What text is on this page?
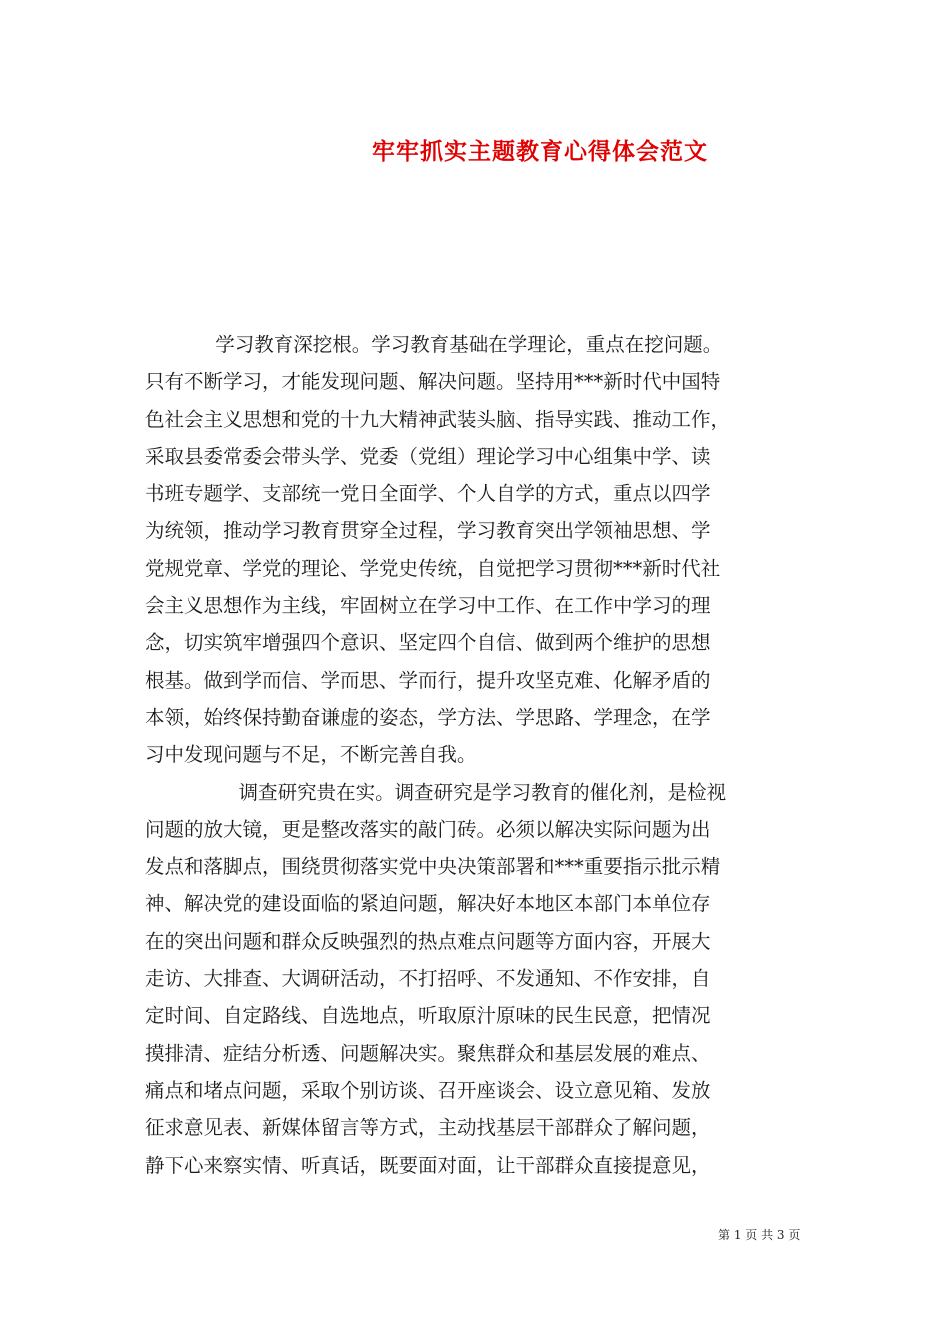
牢牢抓实主题教育心得体会范文
学习教育深挖根。学习教育基础在学理论，重点在挖问题。
只有不断学习，才能发现问题、解决问题。坚持用***新时代中国特
色社会主义思想和党的十九大精神武装头脑、指导实践、推动工作，
采取县委常委会带头学、党委（党组）理论学习中心组集中学、读
书班专题学、支部统一党日全面学、个人自学的方式，重点以四学
为统领，推动学习教育贯穿全过程，学习教育突出学领袖思想、学
党规党章、学党的理论、学党史传统，自觉把学习贯彻***新时代社
会主义思想作为主线，牢固树立在学习中工作、在工作中学习的理
念，切实筑牢增强四个意识、坚定四个自信、做到两个维护的思想
根基。做到学而信、学而思、学而行，提升攻坚克难、化解矛盾的
本领，始终保持勤奋谦虚的姿态，学方法、学思路、学理念，在学
习中发现问题与不足，不断完善自我。
调查研究贵在实。调查研究是学习教育的催化剂，是检视
问题的放大镜，更是整改落实的敲门砖。必须以解决实际问题为出
发点和落脚点，围绕贯彻落实党中央决策部署和***重要指示批示精
神、解决党的建设面临的紧迫问题，解决好本地区本部门本单位存
在的突出问题和群众反映强烈的热点难点问题等方面内容，开展大
走访、大排查、大调研活动，不打招呼、不发通知、不作安排，自
定时间、自定路线、自选地点，听取原汁原味的民生民意，把情况
摸排清、症结分析透、问题解决实。聚焦群众和基层发展的难点、
痛点和堵点问题，采取个别访谈、召开座谈会、设立意见箱、发放
征求意见表、新媒体留言等方式，主动找基层干部群众了解问题，
静下心来察实情、听真话，既要面对面，让干部群众直接提意见，
第 1 页 共 3 页
